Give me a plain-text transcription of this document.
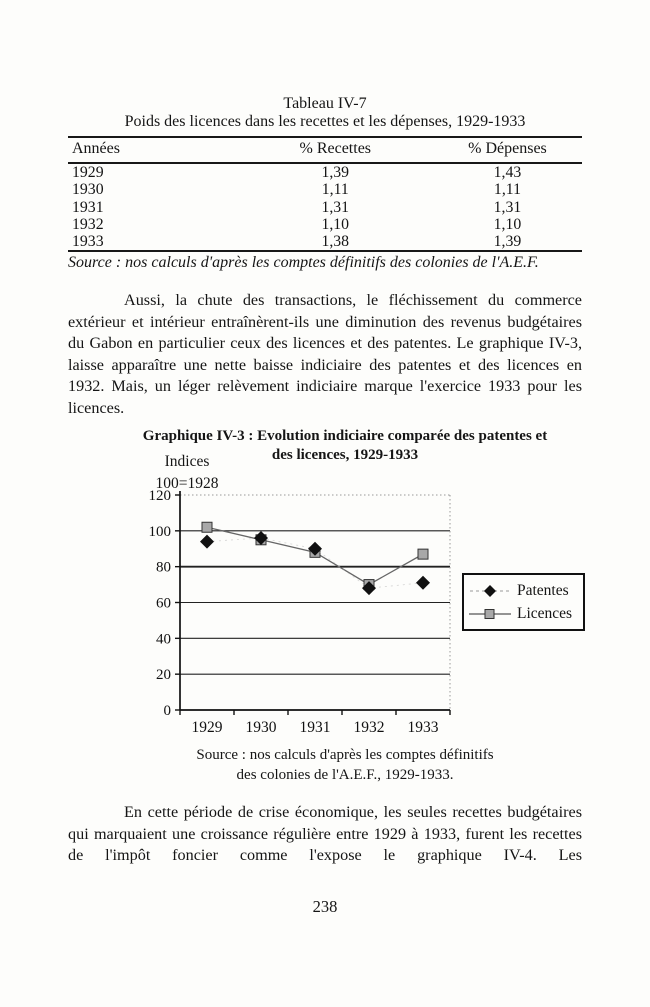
Tableau IV-7
Poids des licences dans les recettes et les dépenses, 1929-1933
Années	% Recettes	% Dépenses
1929	1,39	1,43
1930	1,11	1,11
1931	1,31	1,31
1932	1,10	1,10
1933	1,38	1,39
Source : nos calculs d'après les comptes définitifs des colonies de l'A.E.F.

Aussi, la chute des transactions, le fléchissement du commerce extérieur et intérieur entraînèrent-ils une diminution des revenus budgétaires du Gabon en particulier ceux des licences et des patentes. Le graphique IV-3, laisse apparaître une nette baisse indiciaire des patentes et des licences en 1932. Mais, un léger relèvement indiciaire marque l'exercice 1933 pour les licences.

Graphique IV-3 : Evolution indiciaire comparée des patentes et
des licences, 1929-1933
Indices
100=1928
0
20
40
60
80
100
120
1929 1930 1931 1932 1933
Patentes
Licences
Source : nos calculs d'après les comptes définitifs
des colonies de l'A.E.F., 1929-1933.

En cette période de crise économique, les seules recettes budgétaires qui marquaient une croissance régulière entre 1929 à 1933, furent les recettes de l'impôt foncier comme l'expose le graphique IV-4. Les

238
